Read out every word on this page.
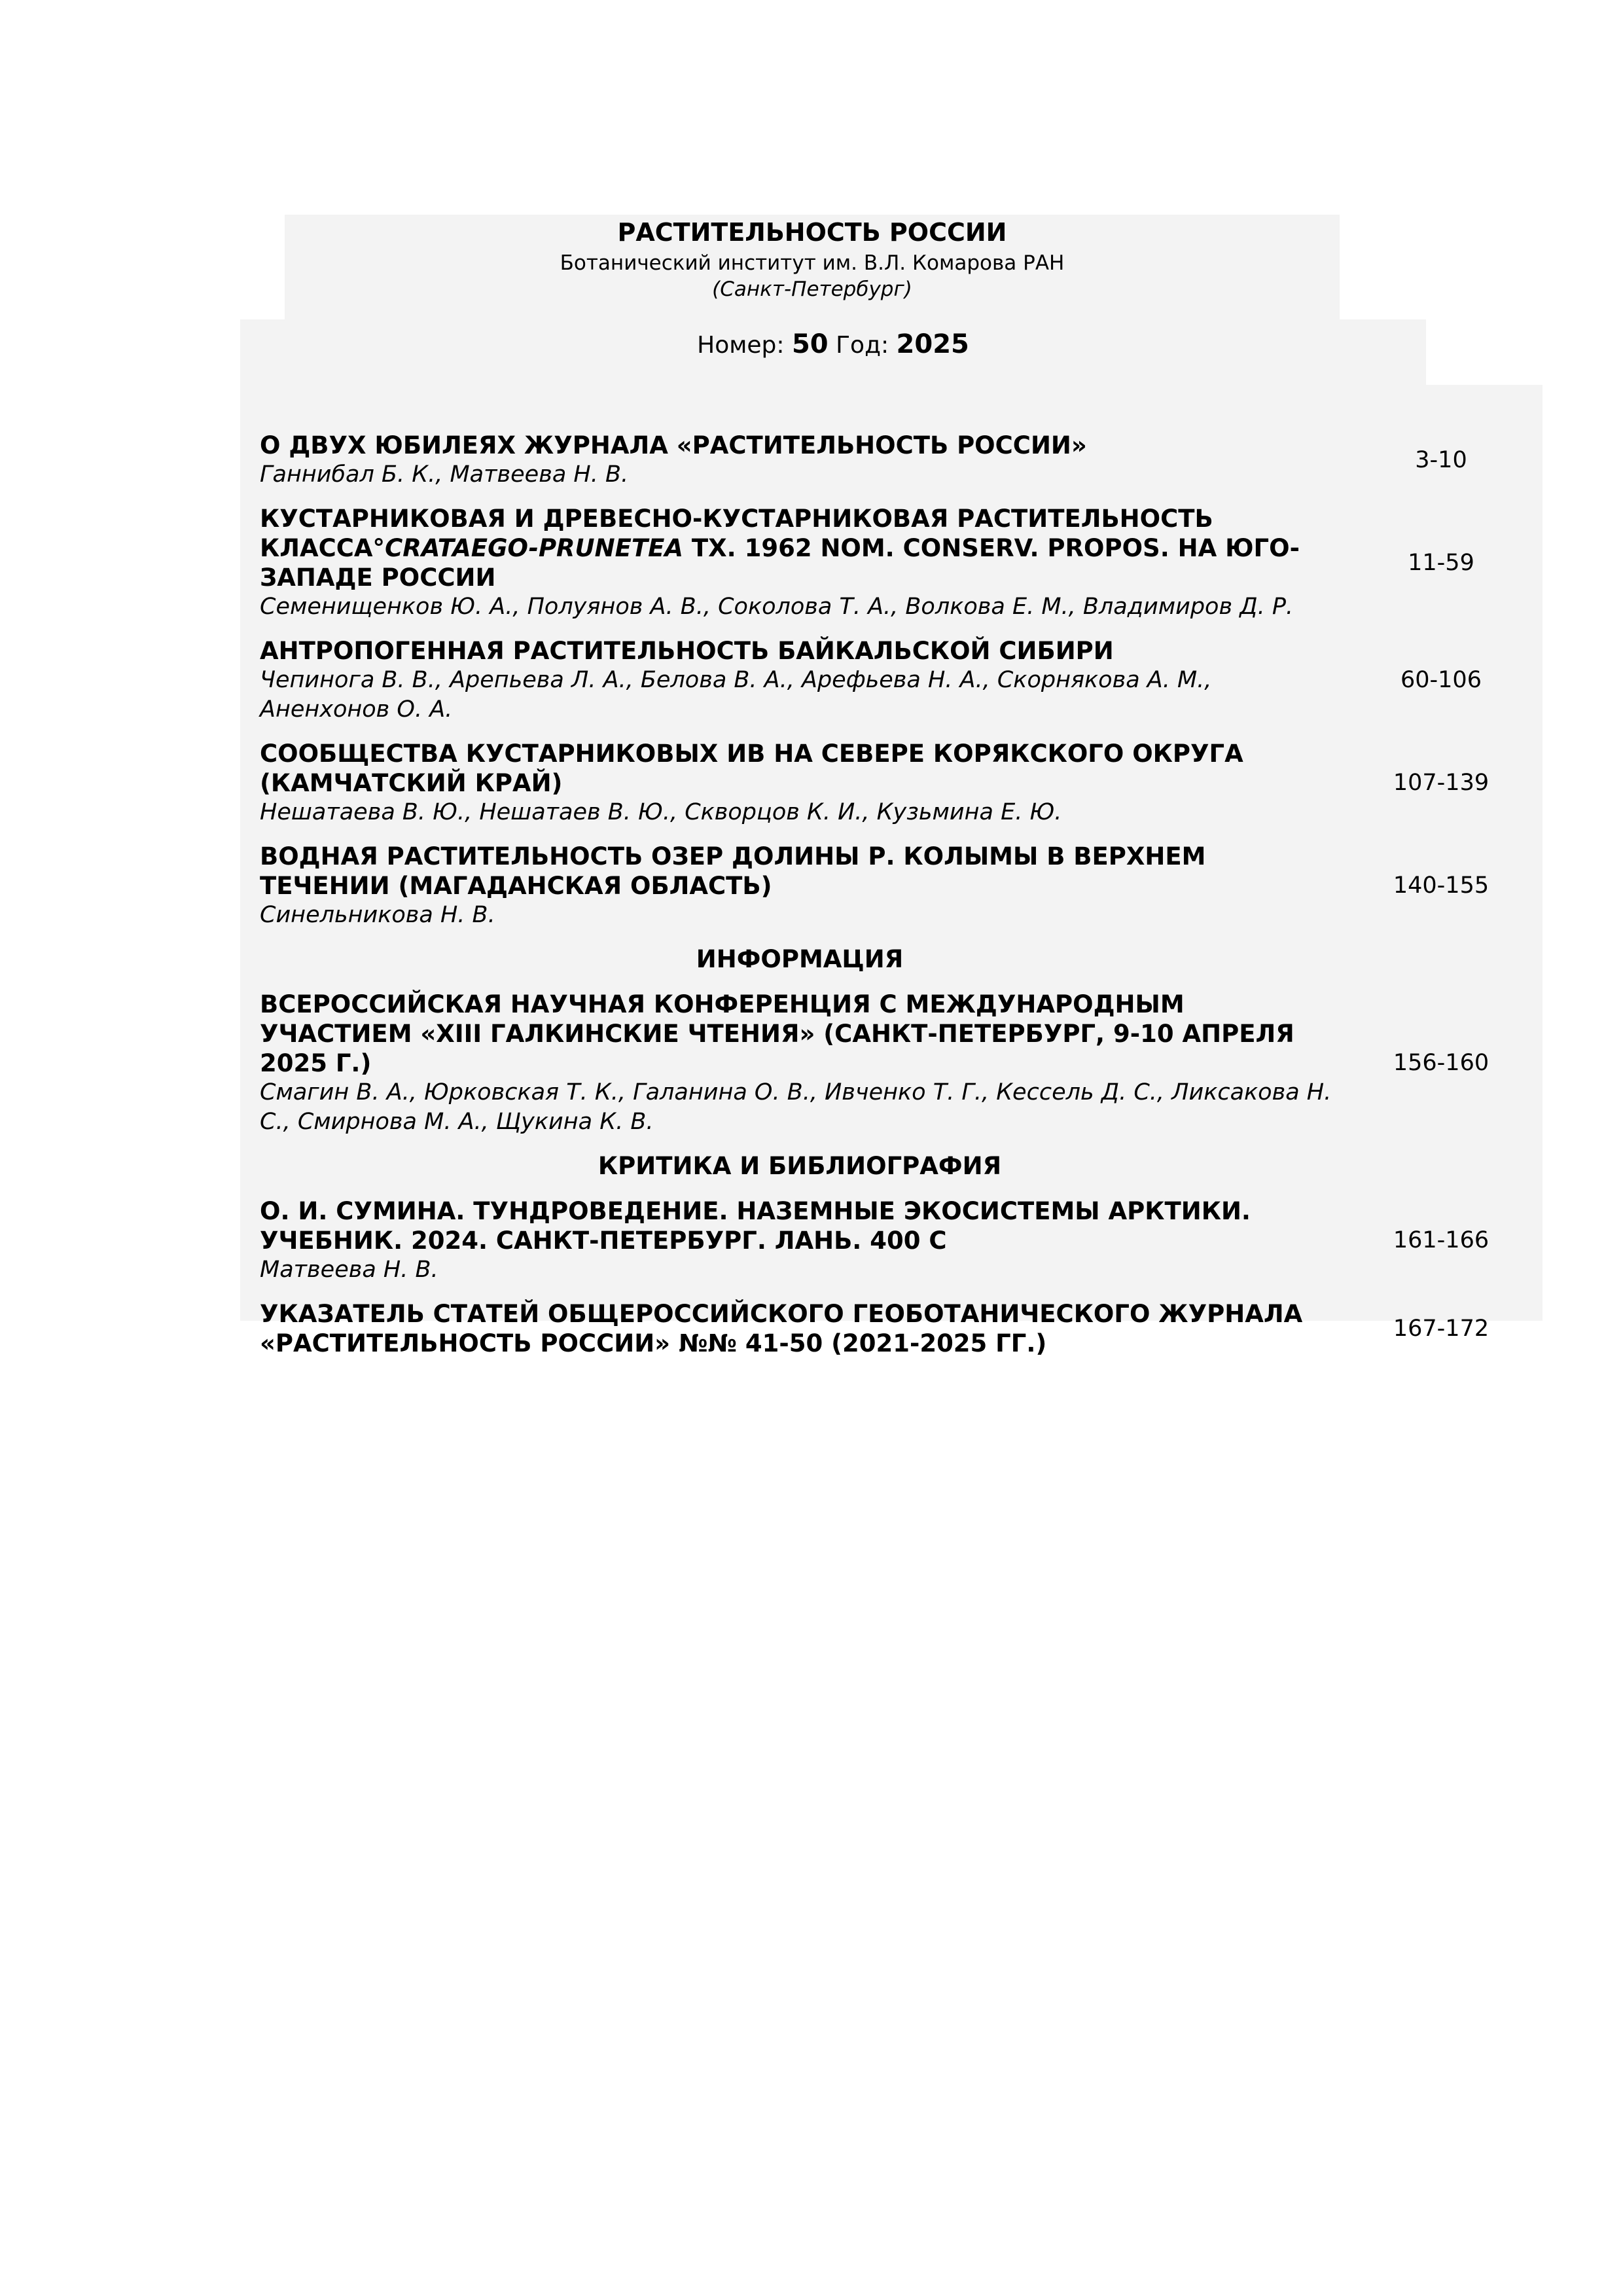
РАСТИТЕЛЬНОСТЬ РОССИИ
Ботанический институт им. В.Л. Комарова РАН
(Санкт-Петербург)
Номер: 50 Год: 2025
О ДВУХ ЮБИЛЕЯХ ЖУРНАЛА «РАСТИТЕЛЬНОСТЬ РОССИИ»
Ганнибал Б. К., Матвеева Н. В.
3-10
КУСТАРНИКОВАЯ И ДРЕВЕСНО-КУСТАРНИКОВАЯ РАСТИТЕЛЬНОСТЬ КЛАССА°CRATAEGO-PRUNETEA TX. 1962 NOM. CONSERV. PROPOS. НА ЮГО-ЗАПАДЕ РОССИИ
Семенищенков Ю. А., Полуянов А. В., Соколова Т. А., Волкова Е. М., Владимиров Д. Р.
11-59
АНТРОПОГЕННАЯ РАСТИТЕЛЬНОСТЬ БАЙКАЛЬСКОЙ СИБИРИ
Чепинога В. В., Арепьева Л. А., Белова В. А., Арефьева Н. А., Скорнякова А. М., Аненхонов О. А.
60-106
СООБЩЕСТВА КУСТАРНИКОВЫХ ИВ НА СЕВЕРЕ КОРЯКСКОГО ОКРУГА (КАМЧАТСКИЙ КРАЙ)
Нешатаева В. Ю., Нешатаев В. Ю., Скворцов К. И., Кузьмина Е. Ю.
107-139
ВОДНАЯ РАСТИТЕЛЬНОСТЬ ОЗЕР ДОЛИНЫ Р. КОЛЫМЫ В ВЕРХНЕМ ТЕЧЕНИИ (МАГАДАНСКАЯ ОБЛАСТЬ)
Синельникова Н. В.
140-155
ИНФОРМАЦИЯ
ВСЕРОССИЙСКАЯ НАУЧНАЯ КОНФЕРЕНЦИЯ С МЕЖДУНАРОДНЫМ УЧАСТИЕМ «XIII ГАЛКИНСКИЕ ЧТЕНИЯ» (САНКТ-ПЕТЕРБУРГ, 9-10 АПРЕЛЯ 2025 Г.)
Смагин В. А., Юрковская Т. К., Галанина О. В., Ивченко Т. Г., Кессель Д. С., Ликсакова Н. С., Смирнова М. А., Щукина К. В.
156-160
КРИТИКА И БИБЛИОГРАФИЯ
О. И. СУМИНА. ТУНДРОВЕДЕНИЕ. НАЗЕМНЫЕ ЭКОСИСТЕМЫ АРКТИКИ. УЧЕБНИК. 2024. САНКТ-ПЕТЕРБУРГ. ЛАНЬ. 400 С
Матвеева Н. В.
161-166
УКАЗАТЕЛЬ СТАТЕЙ ОБЩЕРОССИЙСКОГО ГЕОБОТАНИЧЕСКОГО ЖУРНАЛА «РАСТИТЕЛЬНОСТЬ РОССИИ» №№ 41-50 (2021-2025 ГГ.)
167-172
